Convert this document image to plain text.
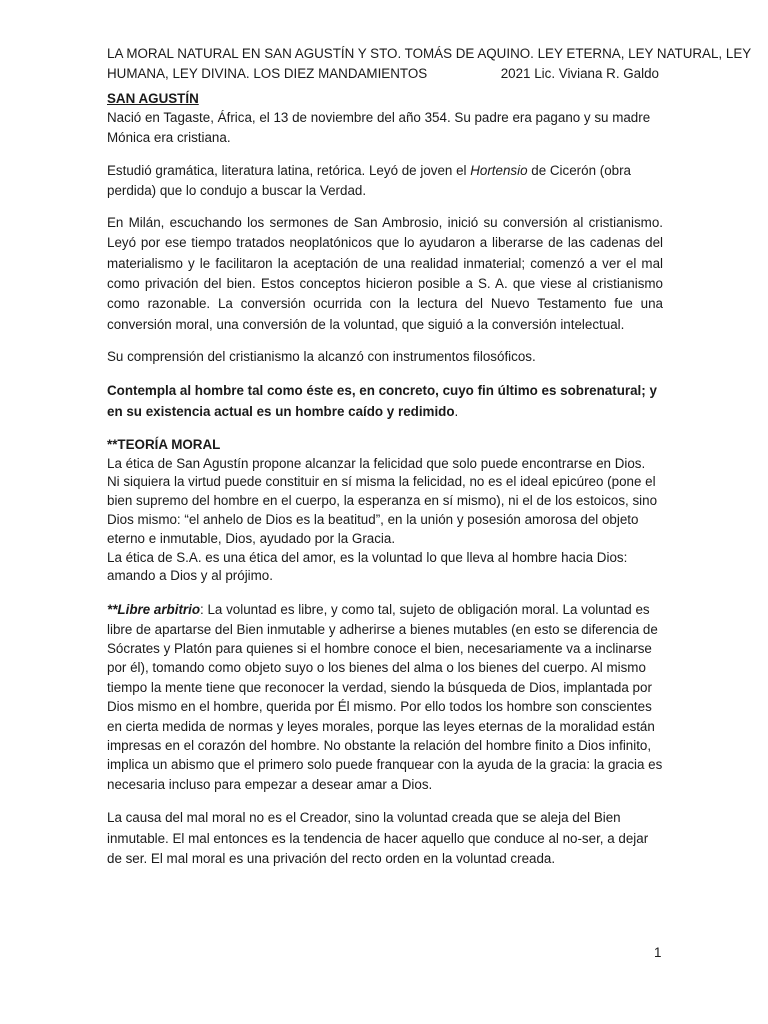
LA MORAL NATURAL EN SAN AGUSTÍN Y STO. TOMÁS DE AQUINO. LEY ETERNA, LEY NATURAL, LEY
HUMANA, LEY DIVINA. LOS DIEZ MANDAMIENTOS	2021 Lic. Viviana R. Galdo
SAN AGUSTÍN

Nació en Tagaste, África, el 13 de noviembre del año 354. Su padre era pagano y su madre Mónica era cristiana.

Estudió gramática, literatura latina, retórica. Leyó de joven el Hortensio de Cicerón (obra perdida) que lo condujo a buscar la Verdad.

En Milán, escuchando los sermones de San Ambrosio, inició su conversión al cristianismo. Leyó por ese tiempo tratados neoplatónicos que lo ayudaron a liberarse de las cadenas del materialismo y le facilitaron la aceptación de una realidad inmaterial; comenzó a ver el mal como privación del bien. Estos conceptos hicieron posible a S. A. que viese al cristianismo como razonable. La conversión ocurrida con la lectura del Nuevo Testamento fue una conversión moral, una conversión de la voluntad, que siguió a la conversión intelectual.

Su comprensión del cristianismo la alcanzó con instrumentos filosóficos.

Contempla al hombre tal como éste es, en concreto, cuyo fin último es sobrenatural; y en su existencia actual es un hombre caído y redimido.

**TEORÍA MORAL

La ética de San Agustín propone alcanzar la felicidad que solo puede encontrarse en Dios.

Ni siquiera la virtud puede constituir en sí misma la felicidad, no es el ideal epicúreo (pone el bien supremo del hombre en el cuerpo, la esperanza en sí mismo), ni el de los estoicos, sino Dios mismo: “el anhelo de Dios es la beatitud”, en la unión y posesión amorosa del objeto eterno e inmutable, Dios, ayudado por la Gracia.

La ética de S.A. es una ética del amor, es la voluntad lo que lleva al hombre hacia Dios: amando a Dios y al prójimo.

**Libre arbitrio: La voluntad es libre, y como tal, sujeto de obligación moral. La voluntad es libre de apartarse del Bien inmutable y adherirse a bienes mutables (en esto se diferencia de Sócrates y Platón para quienes si el hombre conoce el bien, necesariamente va a inclinarse por él), tomando como objeto suyo o los bienes del alma o los bienes del cuerpo. Al mismo tiempo la mente tiene que reconocer la verdad, siendo la búsqueda de Dios, implantada por Dios mismo en el hombre, querida por Él mismo. Por ello todos los hombre son conscientes en cierta medida de normas y leyes morales, porque las leyes eternas de la moralidad están impresas en el corazón del hombre. No obstante la relación del hombre finito a Dios infinito, implica un abismo que el primero solo puede franquear con la ayuda de la gracia: la gracia es necesaria incluso para empezar a desear amar a Dios.

La causa del mal moral no es el Creador, sino la voluntad creada que se aleja del Bien inmutable. El mal entonces es la tendencia de hacer aquello que conduce al no-ser, a dejar de ser. El mal moral es una privación del recto orden en la voluntad creada.

1
